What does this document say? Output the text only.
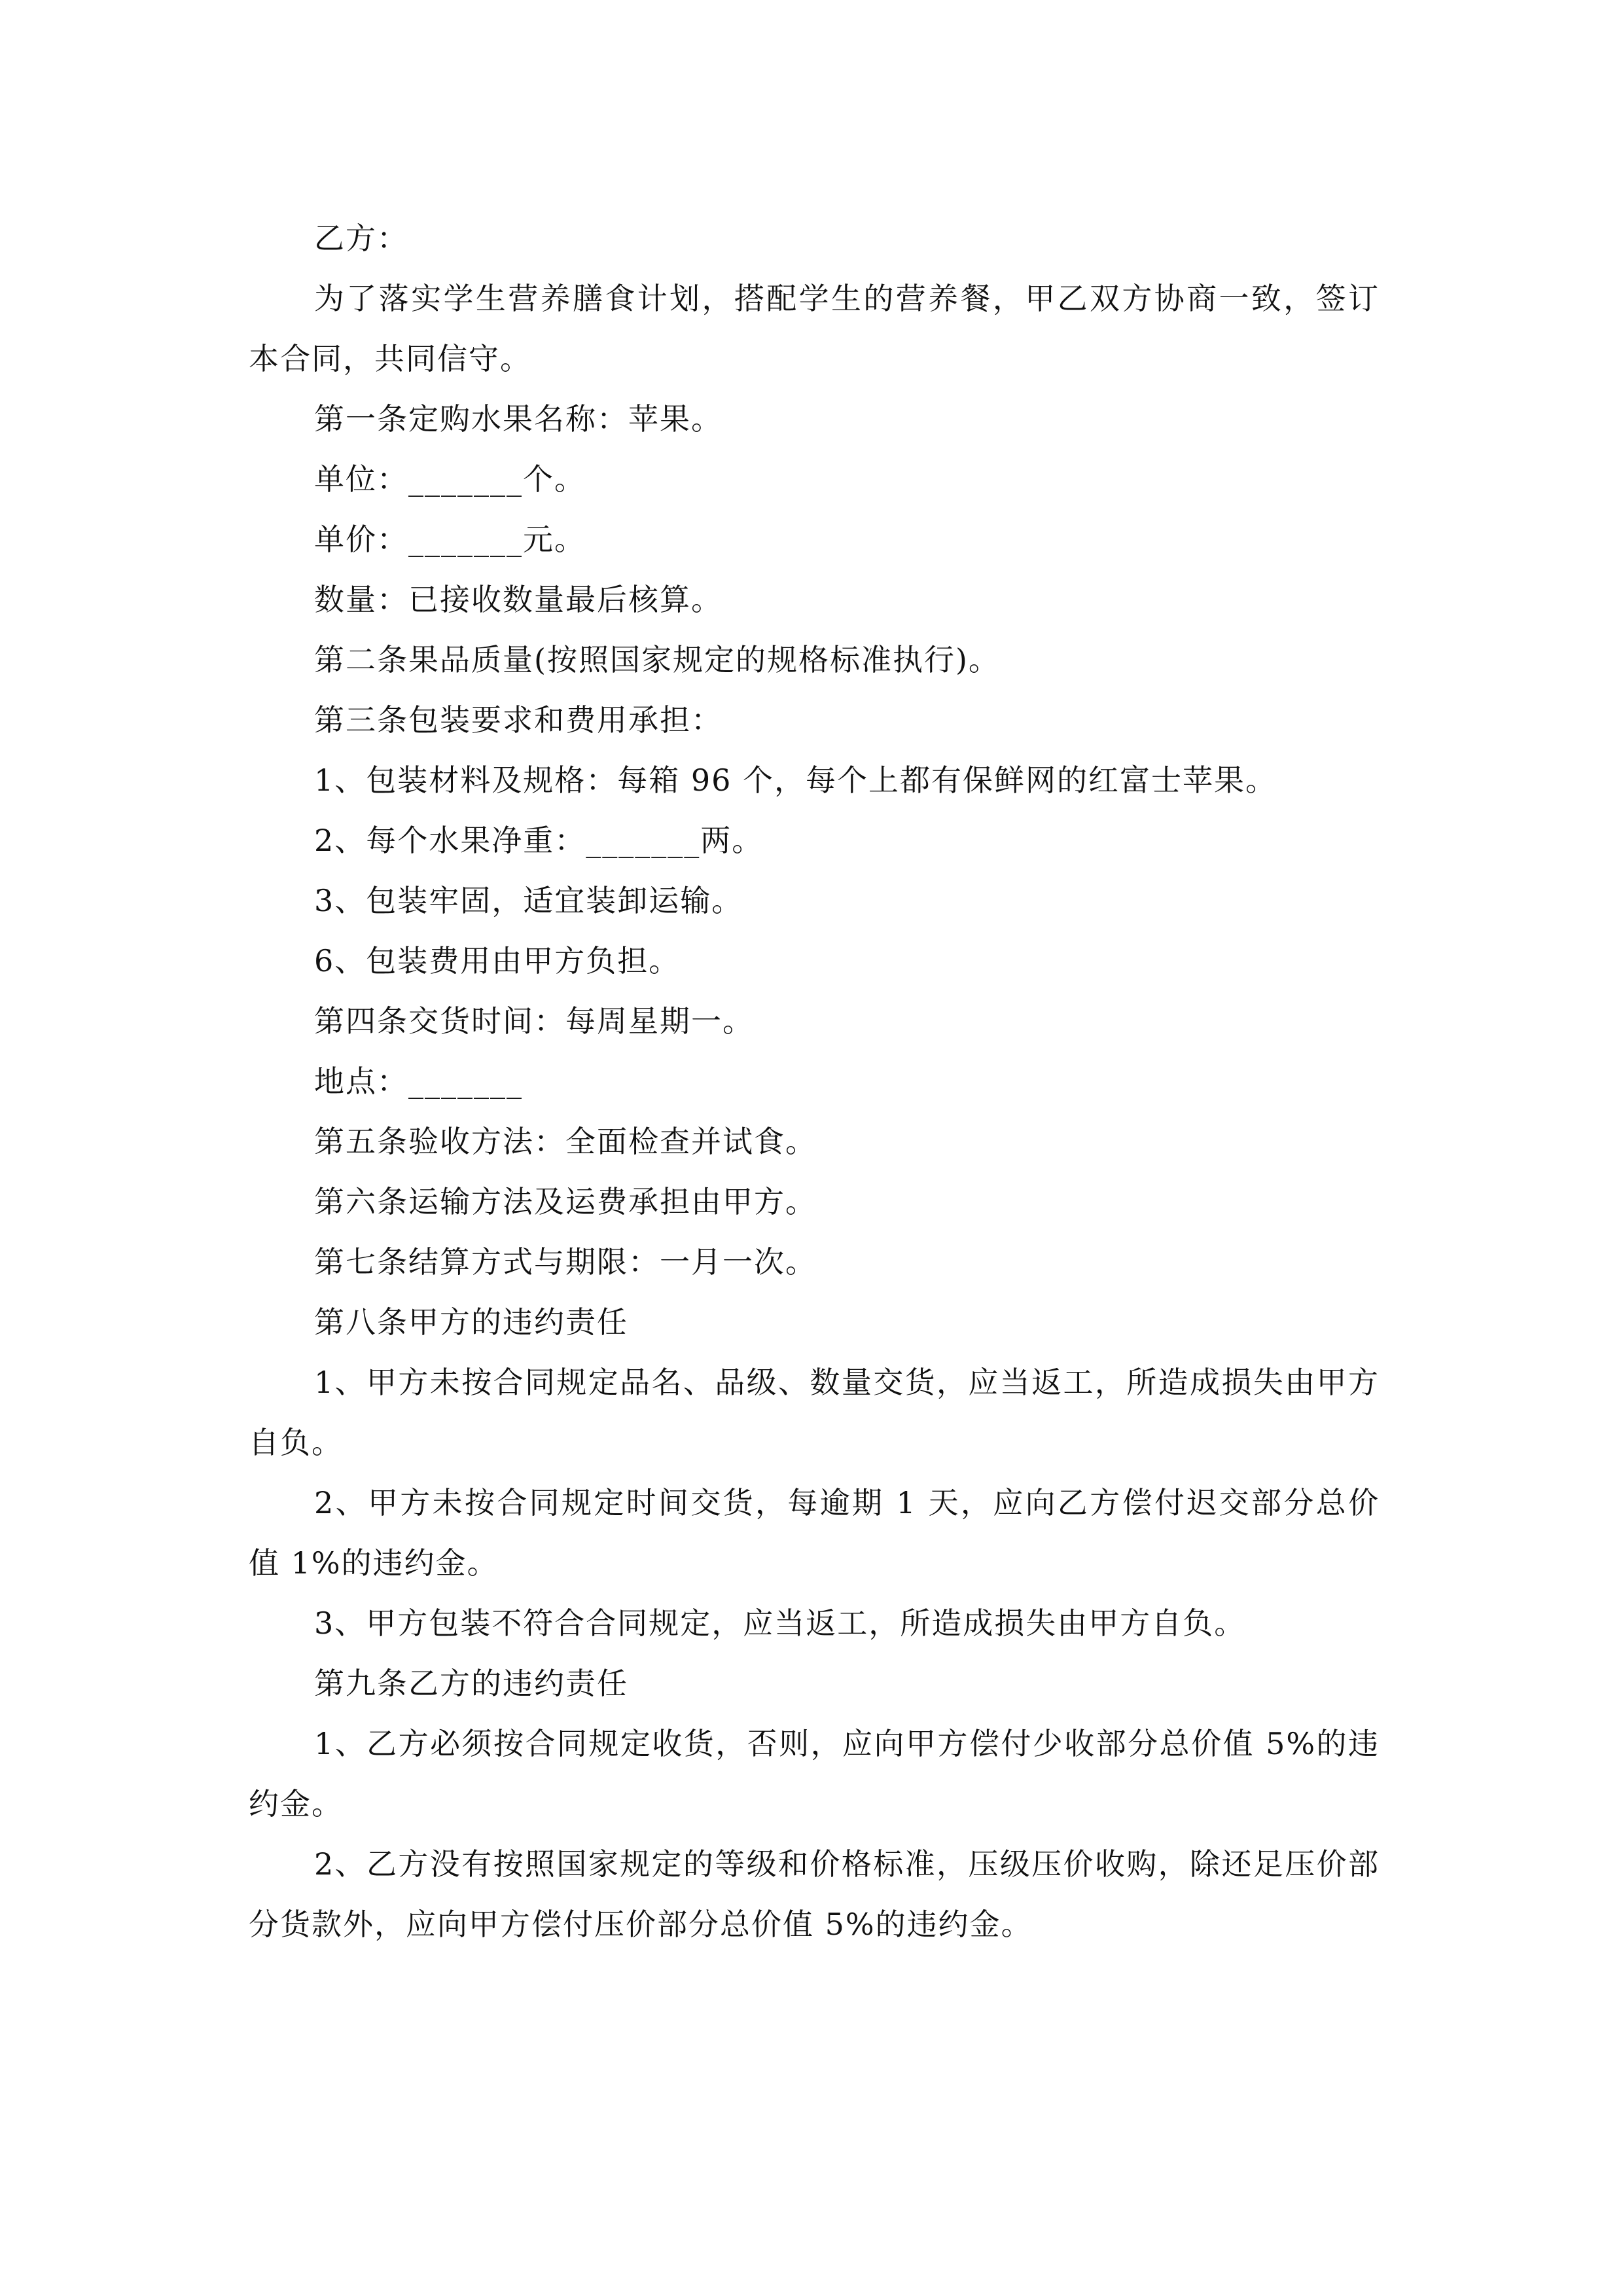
乙方：

为了落实学生营养膳食计划，搭配学生的营养餐，甲乙双方协商一致，签订本合同，共同信守。

第一条定购水果名称：苹果。

单位：_______个。

单价：_______元。

数量：已接收数量最后核算。

第二条果品质量(按照国家规定的规格标准执行)。

第三条包装要求和费用承担：

1、包装材料及规格：每箱 96 个，每个上都有保鲜网的红富士苹果。

2、每个水果净重：_______两。

3、包装牢固，适宜装卸运输。

6、包装费用由甲方负担。

第四条交货时间：每周星期一。

地点：_______

第五条验收方法：全面检查并试食。

第六条运输方法及运费承担由甲方。

第七条结算方式与期限：一月一次。

第八条甲方的违约责任

1、甲方未按合同规定品名、品级、数量交货，应当返工，所造成损失由甲方自负。

2、甲方未按合同规定时间交货，每逾期 1 天，应向乙方偿付迟交部分总价值 1%的违约金。

3、甲方包装不符合合同规定，应当返工，所造成损失由甲方自负。

第九条乙方的违约责任

1、乙方必须按合同规定收货，否则，应向甲方偿付少收部分总价值 5%的违约金。

2、乙方没有按照国家规定的等级和价格标准，压级压价收购，除还足压价部分货款外，应向甲方偿付压价部分总价值 5%的违约金。
